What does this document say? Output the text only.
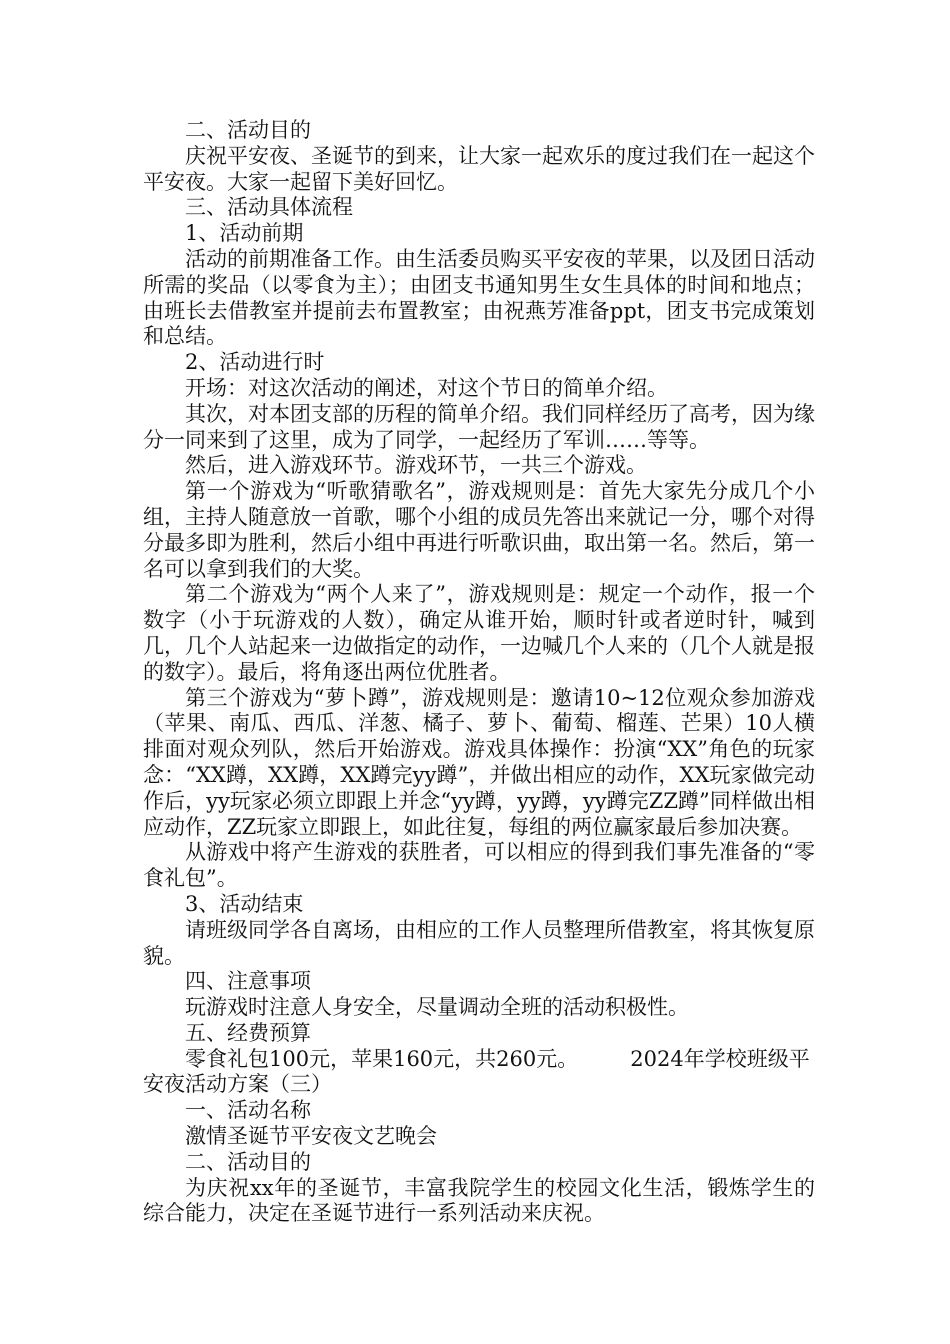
二、活动目的

庆祝平安夜、圣诞节的到来，让大家一起欢乐的度过我们在一起这个平安夜。大家一起留下美好回忆。

三、活动具体流程

1、活动前期

活动的前期准备工作。由生活委员购买平安夜的苹果，以及团日活动所需的奖品（以零食为主）；由团支书通知男生女生具体的时间和地点；由班长去借教室并提前去布置教室；由祝燕芳准备ppt，团支书完成策划和总结。

2、活动进行时

开场：对这次活动的阐述，对这个节日的简单介绍。

其次，对本团支部的历程的简单介绍。我们同样经历了高考，因为缘分一同来到了这里，成为了同学，一起经历了军训……等等。

然后，进入游戏环节。游戏环节，一共三个游戏。

第一个游戏为“听歌猜歌名”，游戏规则是：首先大家先分成几个小组，主持人随意放一首歌，哪个小组的成员先答出来就记一分，哪个对得分最多即为胜利，然后小组中再进行听歌识曲，取出第一名。然后，第一名可以拿到我们的大奖。

第二个游戏为“两个人来了”，游戏规则是：规定一个动作，报一个数字（小于玩游戏的人数），确定从谁开始，顺时针或者逆时针，喊到几，几个人站起来一边做指定的动作，一边喊几个人来的（几个人就是报的数字）。最后，将角逐出两位优胜者。

第三个游戏为“萝卜蹲”，游戏规则是：邀请10~12位观众参加游戏（苹果、南瓜、西瓜、洋葱、橘子、萝卜、葡萄、榴莲、芒果）10人横排面对观众列队，然后开始游戏。游戏具体操作：扮演“XX”角色的玩家念：“XX蹲，XX蹲，XX蹲完yy蹲”，并做出相应的动作，XX玩家做完动作后，yy玩家必须立即跟上并念“yy蹲，yy蹲，yy蹲完ZZ蹲”同样做出相应动作，ZZ玩家立即跟上，如此往复，每组的两位赢家最后参加决赛。

从游戏中将产生游戏的获胜者，可以相应的得到我们事先准备的“零食礼包”。

3、活动结束

请班级同学各自离场，由相应的工作人员整理所借教室，将其恢复原貌。

四、注意事项

玩游戏时注意人身安全，尽量调动全班的活动积极性。

五、经费预算

零食礼包100元，苹果160元，共260元。 2024年学校班级平安夜活动方案（三）

一、活动名称

激情圣诞节平安夜文艺晚会

二、活动目的

为庆祝xx年的圣诞节，丰富我院学生的校园文化生活，锻炼学生的综合能力，决定在圣诞节进行一系列活动来庆祝。
